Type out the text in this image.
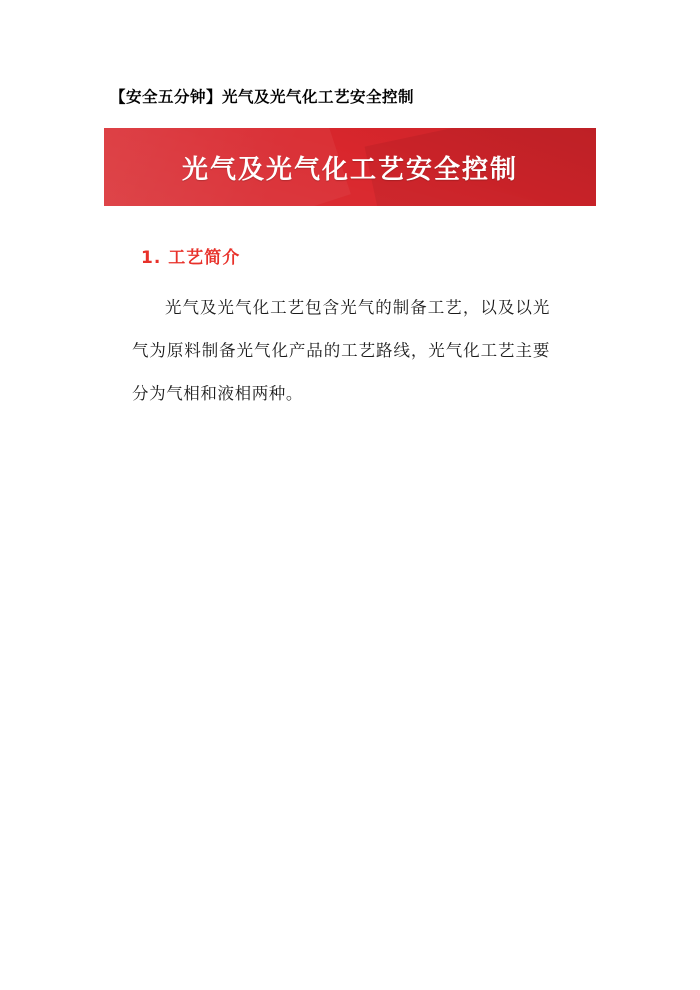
【安全五分钟】光气及光气化工艺安全控制
光气及光气化工艺安全控制
1. 工艺简介
光气及光气化工艺包含光气的制备工艺，以及以光气为原料制备光气化产品的工艺路线，光气化工艺主要分为气相和液相两种。
